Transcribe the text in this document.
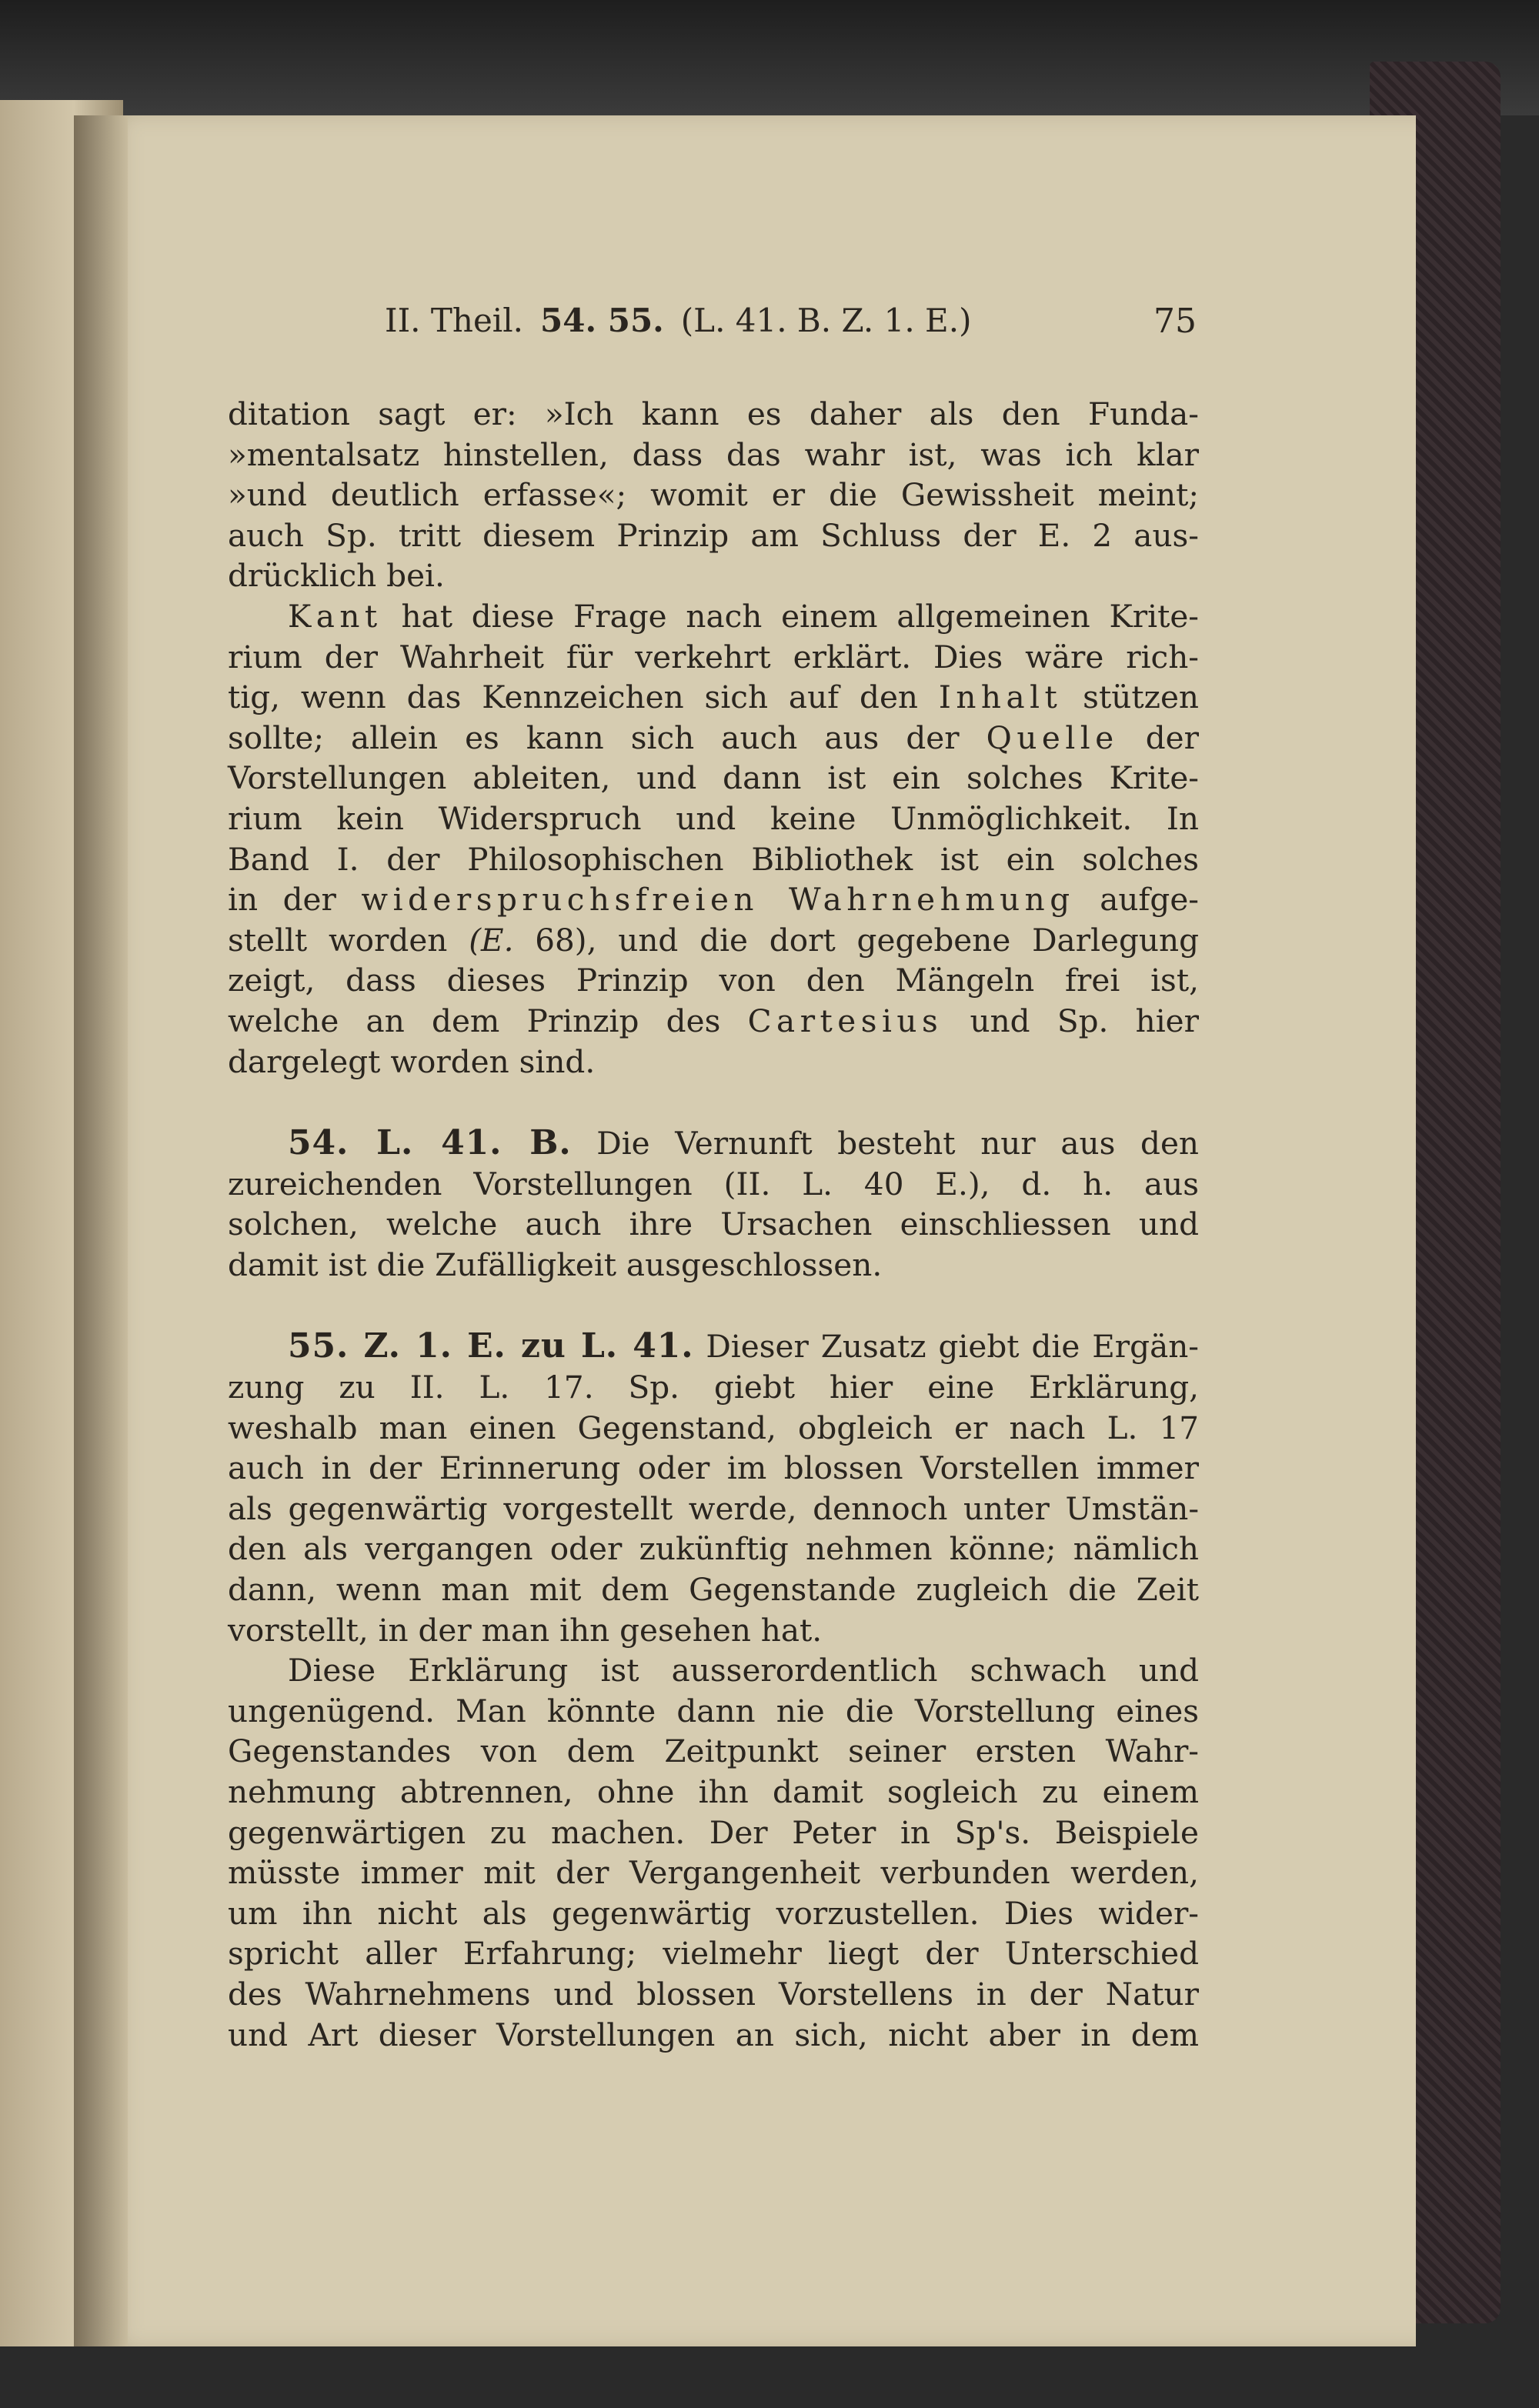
II. Theil. 54. 55. (L. 41. B. Z. 1. E.)	75

ditation sagt er: »Ich kann es daher als den Funda-
»mentalsatz hinstellen, dass das wahr ist, was ich klar
»und deutlich erfasse«; womit er die Gewissheit meint;
auch Sp. tritt diesem Prinzip am Schluss der E. 2 aus-
drücklich bei.

Kant hat diese Frage nach einem allgemeinen Krite-
rium der Wahrheit für verkehrt erklärt. Dies wäre rich-
tig, wenn das Kennzeichen sich auf den Inhalt stützen
sollte; allein es kann sich auch aus der Quelle der
Vorstellungen ableiten, und dann ist ein solches Krite-
rium kein Widerspruch und keine Unmöglichkeit. In
Band I. der Philosophischen Bibliothek ist ein solches
in der widerspruchsfreien Wahrnehmung aufge-
stellt worden (E. 68), und die dort gegebene Darlegung
zeigt, dass dieses Prinzip von den Mängeln frei ist,
welche an dem Prinzip des Cartesius und Sp. hier
dargelegt worden sind.

54. L. 41. B. Die Vernunft besteht nur aus den
zureichenden Vorstellungen (II. L. 40 E.), d. h. aus
solchen, welche auch ihre Ursachen einschliessen und
damit ist die Zufälligkeit ausgeschlossen.

55. Z. 1. E. zu L. 41. Dieser Zusatz giebt die Ergän-
zung zu II. L. 17. Sp. giebt hier eine Erklärung,
weshalb man einen Gegenstand, obgleich er nach L. 17
auch in der Erinnerung oder im blossen Vorstellen immer
als gegenwärtig vorgestellt werde, dennoch unter Umstän-
den als vergangen oder zukünftig nehmen könne; nämlich
dann, wenn man mit dem Gegenstande zugleich die Zeit
vorstellt, in der man ihn gesehen hat.

Diese Erklärung ist ausserordentlich schwach und
ungenügend. Man könnte dann nie die Vorstellung eines
Gegenstandes von dem Zeitpunkt seiner ersten Wahr-
nehmung abtrennen, ohne ihn damit sogleich zu einem
gegenwärtigen zu machen. Der Peter in Sp's. Beispiele
müsste immer mit der Vergangenheit verbunden werden,
um ihn nicht als gegenwärtig vorzustellen. Dies wider-
spricht aller Erfahrung; vielmehr liegt der Unterschied
des Wahrnehmens und blossen Vorstellens in der Natur
und Art dieser Vorstellungen an sich, nicht aber in dem
